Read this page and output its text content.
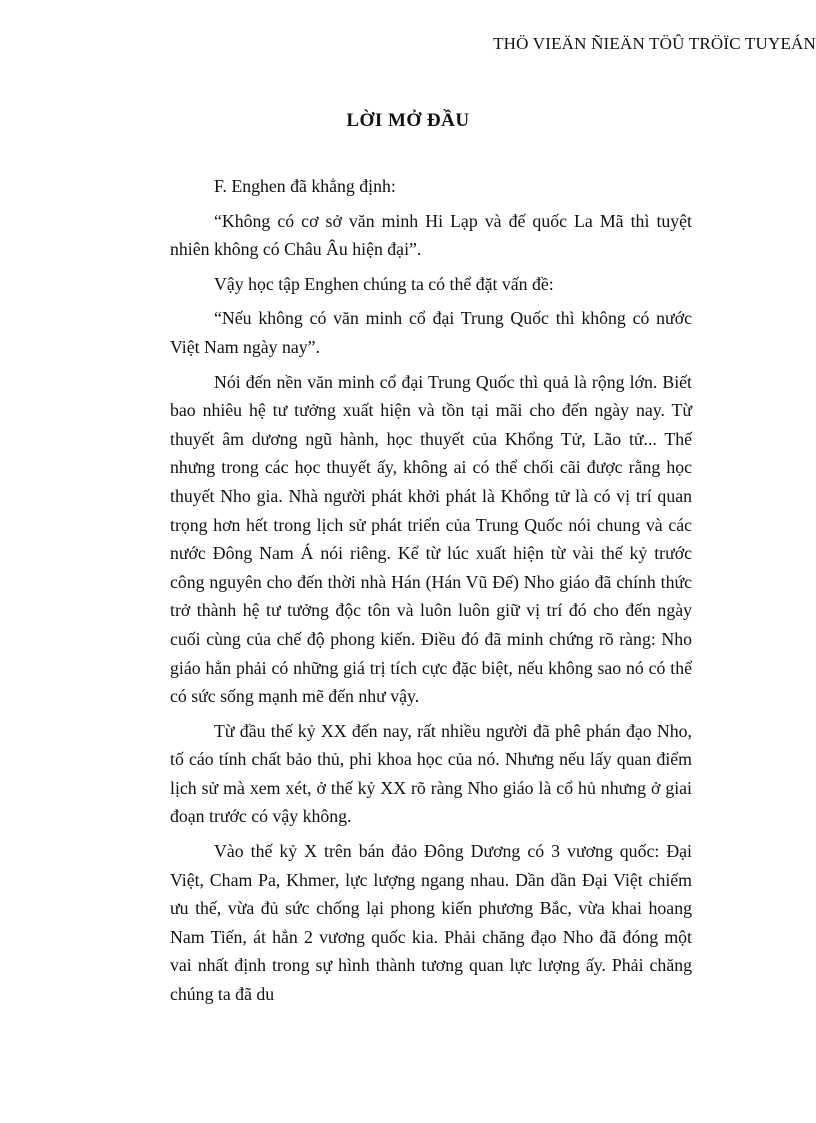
THÖ VIEÄN ÑIEÄN TÖÛ TRÖÏC TUYEÁN
LỜI MỞ ĐẦU

F. Enghen đã khẳng định:

“Không có cơ sở văn minh Hi Lạp và đế quốc La Mã thì tuyệt nhiên không có Châu Âu hiện đại”.

Vậy học tập Enghen chúng ta có thể đặt vấn đề:

“Nếu không có văn minh cổ đại Trung Quốc thì không có nước Việt Nam ngày nay”.

Nói đến nền văn minh cổ đại Trung Quốc thì quả là rộng lớn. Biết bao nhiêu hệ tư tưởng xuất hiện và tồn tại mãi cho đến ngày nay. Từ thuyết âm dương ngũ hành, học thuyết của Khổng Tử, Lão tử... Thế nhưng trong các học thuyết ấy, không ai có thể chối cãi được rằng học thuyết Nho gia. Nhà người phát khởi phát là Khổng tử là có vị trí quan trọng hơn hết trong lịch sử phát triển của Trung Quốc nói chung và các nước Đông Nam Á nói riêng. Kể từ lúc xuất hiện từ vài thế kỷ trước công nguyên cho đến thời nhà Hán (Hán Vũ Đế) Nho giáo đã chính thức trở thành hệ tư tưởng độc tôn và luôn luôn giữ vị trí đó cho đến ngày cuối cùng của chế độ phong kiến. Điều đó đã minh chứng rõ ràng: Nho giáo hẳn phải có những giá trị tích cực đặc biệt, nếu không sao nó có thể có sức sống mạnh mẽ đến như vậy.

Từ đầu thế kỷ XX đến nay, rất nhiều người đã phê phán đạo Nho, tố cáo tính chất bảo thủ, phi khoa học của nó. Nhưng nếu lấy quan điểm lịch sử mà xem xét, ở thế kỷ XX rõ ràng Nho giáo là cổ hủ nhưng ở giai đoạn trước có vậy không.

Vào thế kỷ X trên bán đảo Đông Dương có 3 vương quốc: Đại Việt, Cham Pa, Khmer, lực lượng ngang nhau. Dần dần Đại Việt chiếm ưu thế, vừa đủ sức chống lại phong kiến phương Bắc, vừa khai hoang Nam Tiến, át hẳn 2 vương quốc kia. Phải chăng đạo Nho đã đóng một vai nhất định trong sự hình thành tương quan lực lượng ấy. Phải chăng chúng ta đã du
